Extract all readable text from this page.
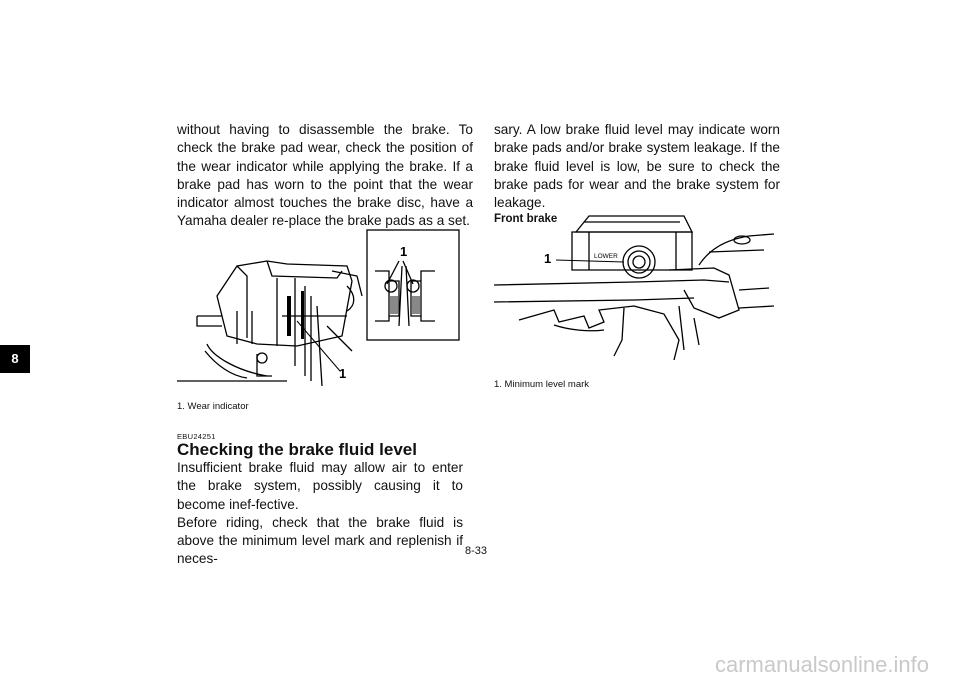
8

without having to disassemble the brake. To check the brake pad wear, check the position of the wear indicator while applying the brake. If a brake pad has worn to the point that the wear indicator almost touches the brake disc, have a Yamaha dealer re-place the brake pads as a set.

1
1
1. Wear indicator
EBU24251
Checking the brake fluid level

Insufficient brake fluid may allow air to enter the brake system, possibly causing it to become inef-fective.

Before riding, check that the brake fluid is above the minimum level mark and replenish if neces-

sary. A low brake fluid level may indicate worn brake pads and/or brake system leakage. If the brake fluid level is low, be sure to check the brake pads for wear and the brake system for leakage.

Front brake

1	LOWER
1. Minimum level mark
8-33
carmanualsonline.info
